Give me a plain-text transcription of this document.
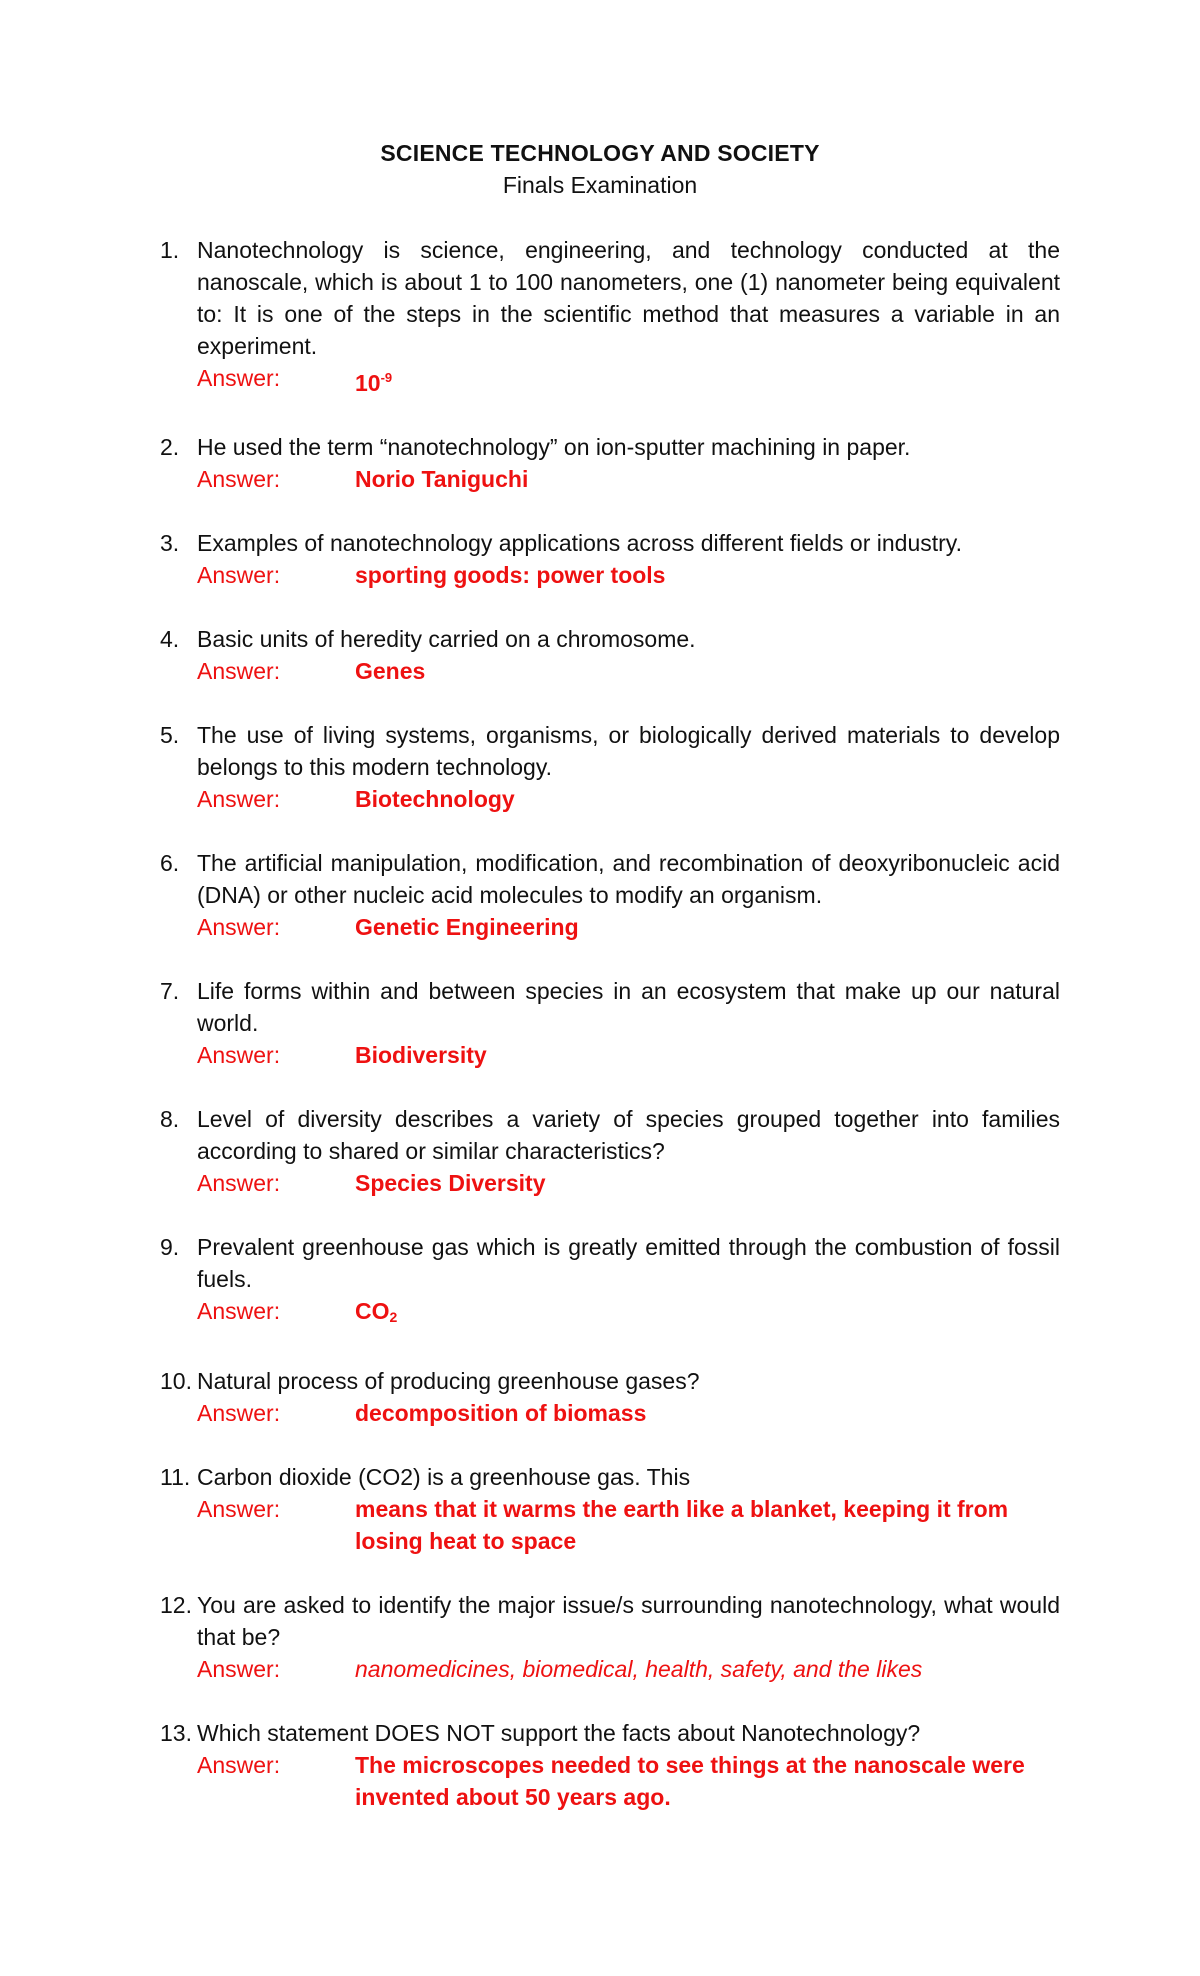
SCIENCE TECHNOLOGY AND SOCIETY
Finals Examination
1. Nanotechnology is science, engineering, and technology conducted at the nanoscale, which is about 1 to 100 nanometers, one (1) nanometer being equivalent to: It is one of the steps in the scientific method that measures a variable in an experiment.
Answer:	$10^{-9}$
2. He used the term “nanotechnology” on ion-sputter machining in paper.
Answer:	Norio Taniguchi
3. Examples of nanotechnology applications across different fields or industry.
Answer:	sporting goods: power tools
4. Basic units of heredity carried on a chromosome.
Answer:	Genes
5. The use of living systems, organisms, or biologically derived materials to develop belongs to this modern technology.
Answer:	Biotechnology
6. The artificial manipulation, modification, and recombination of deoxyribonucleic acid (DNA) or other nucleic acid molecules to modify an organism.
Answer:	Genetic Engineering
7. Life forms within and between species in an ecosystem that make up our natural world.
Answer:	Biodiversity
8. Level of diversity describes a variety of species grouped together into families according to shared or similar characteristics?
Answer:	Species Diversity
9. Prevalent greenhouse gas which is greatly emitted through the combustion of fossil fuels.
Answer:	$CO_2$
10. Natural process of producing greenhouse gases?
Answer:	decomposition of biomass
11. Carbon dioxide (CO2) is a greenhouse gas. This
Answer:	means that it warms the earth like a blanket, keeping it from losing heat to space
12. You are asked to identify the major issue/s surrounding nanotechnology, what would that be?
Answer:	nanomedicines, biomedical, health, safety, and the likes
13. Which statement DOES NOT support the facts about Nanotechnology?
Answer:	The microscopes needed to see things at the nanoscale were invented about 50 years ago.
